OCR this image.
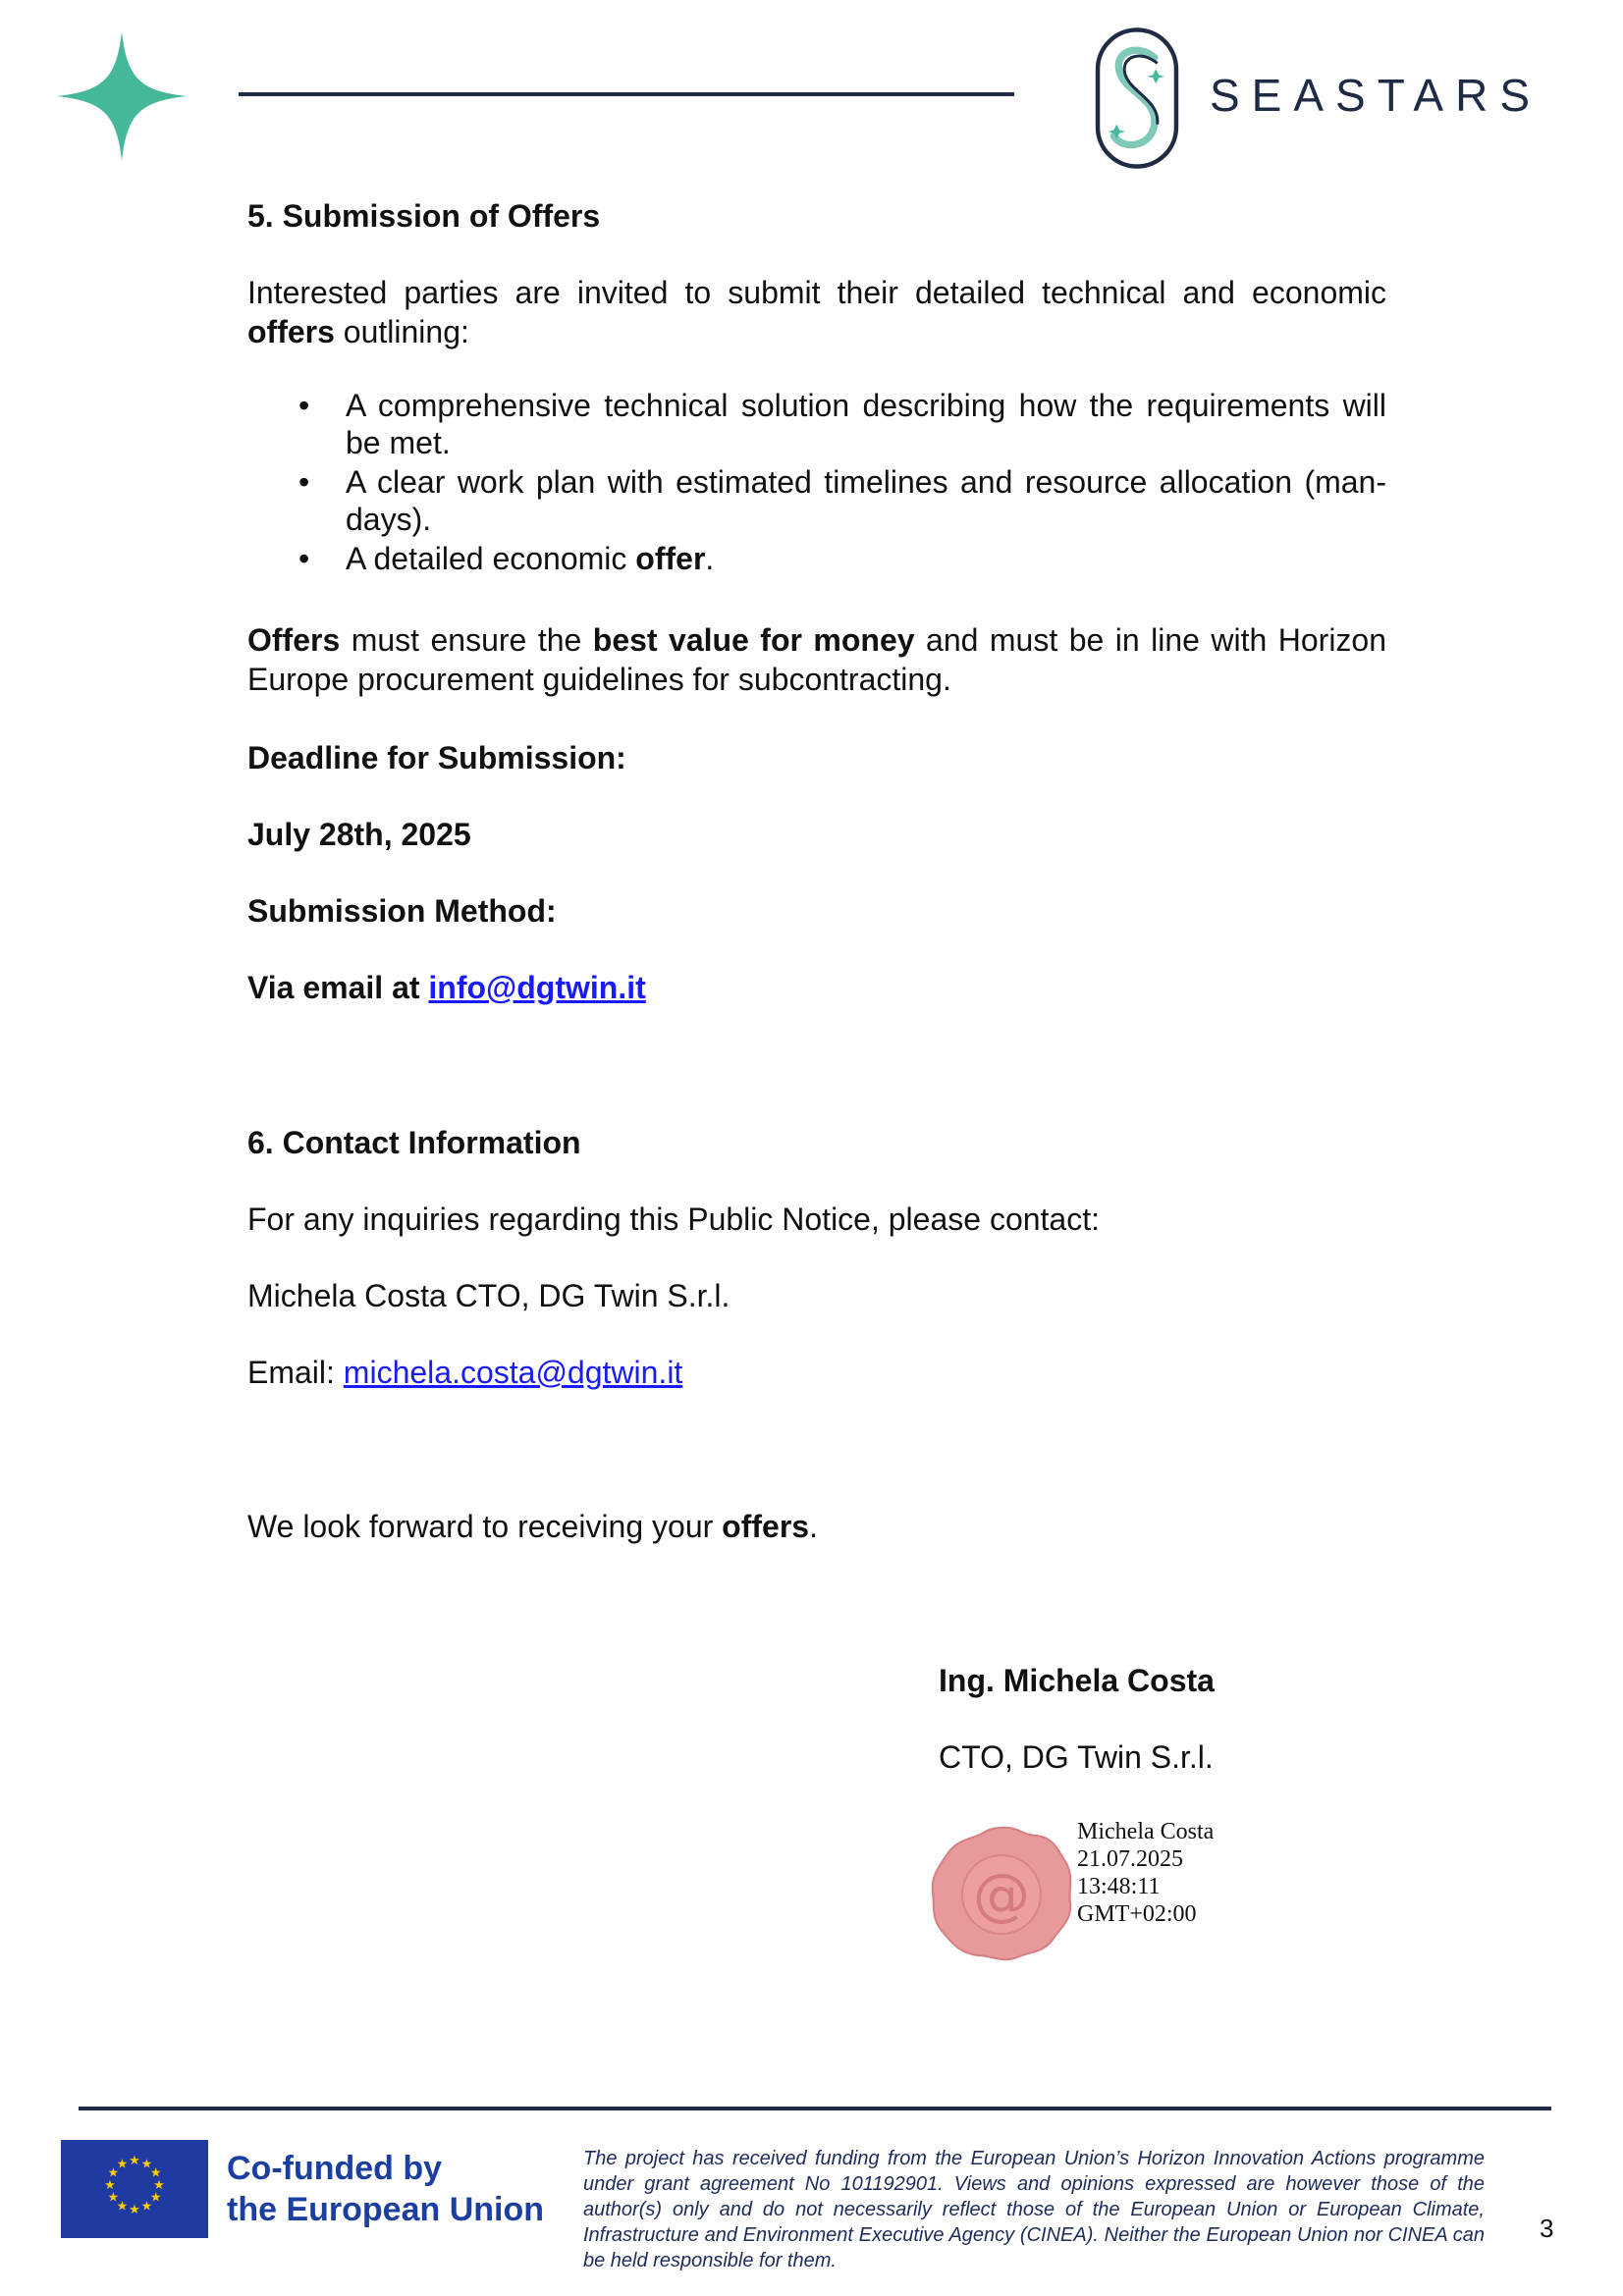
SEASTARS
5. Submission of Offers
Interested parties are invited to submit their detailed technical and economic offers outlining:
• A comprehensive technical solution describing how the requirements will be met.
• A clear work plan with estimated timelines and resource allocation (man-days).
• A detailed economic offer.
Offers must ensure the best value for money and must be in line with Horizon Europe procurement guidelines for subcontracting.
Deadline for Submission:
July 28th, 2025
Submission Method:
Via email at info@dgtwin.it
6. Contact Information
For any inquiries regarding this Public Notice, please contact:
Michela Costa CTO, DG Twin S.r.l.
Email: michela.costa@dgtwin.it
We look forward to receiving your offers.
Ing. Michela Costa
CTO, DG Twin S.r.l.
@
Michela Costa
21.07.2025
13:48:11
GMT+02:00
★ ★
★
★
★
★
★
★
★
★
★
★	Co-funded by
the European Union
The project has received funding from the European Union’s Horizon Innovation Actions programme under grant agreement No 101192901. Views and opinions expressed are however those of the author(s) only and do not necessarily reflect those of the European Union or European Climate, Infrastructure and Environment Executive Agency (CINEA). Neither the European Union nor CINEA can be held responsible for them.
3
